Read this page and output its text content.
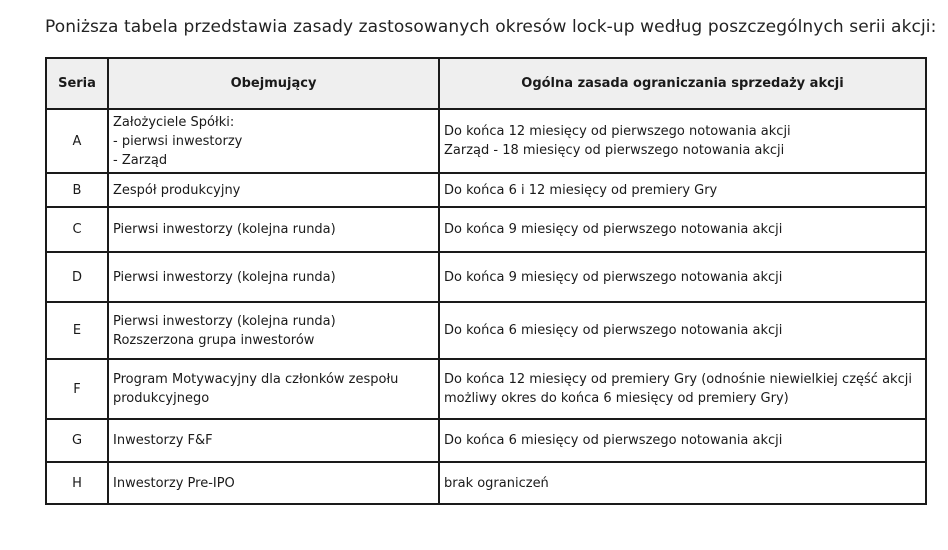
Poniższa tabela przedstawia zasady zastosowanych okresów lock-up według poszczególnych serii akcji:
Seria	Obejmujący	Ogólna zasada ograniczania sprzedaży akcji
A	Założyciele Spółki:
- pierwsi inwestorzy
- Zarząd	Do końca 12 miesięcy od pierwszego notowania akcji
Zarząd - 18 miesięcy od pierwszego notowania akcji

B	Zespół produkcyjny	Do końca 6 i 12 miesięcy od premiery Gry

C	Pierwsi inwestorzy (kolejna runda)	Do końca 9 miesięcy od pierwszego notowania akcji

D	Pierwsi inwestorzy (kolejna runda)	Do końca 9 miesięcy od pierwszego notowania akcji

E	Pierwsi inwestorzy (kolejna runda)
Rozszerzona grupa inwestorów	Do końca 6 miesięcy od pierwszego notowania akcji

F	Program Motywacyjny dla członków zespołu
produkcyjnego	Do końca 12 miesięcy od premiery Gry (odnośnie niewielkiej część akcji
możliwy okres do końca 6 miesięcy od premiery Gry)

G	Inwestorzy F&F	Do końca 6 miesięcy od pierwszego notowania akcji

H	Inwestorzy Pre-IPO	brak ograniczeń
